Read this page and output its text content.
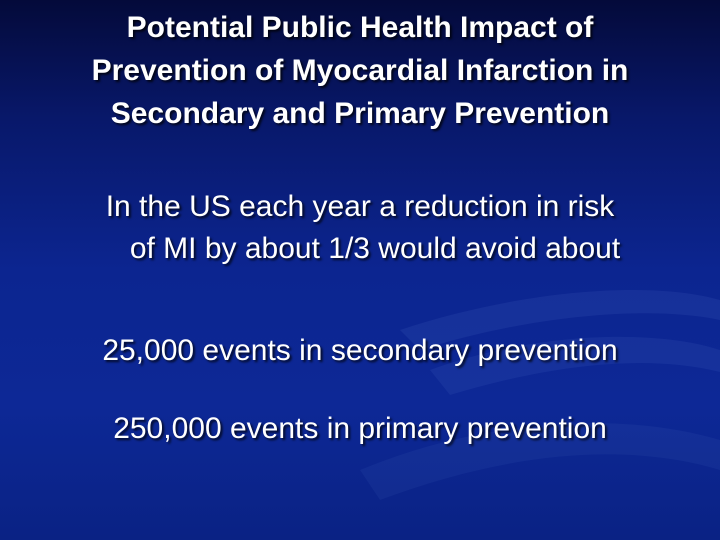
Potential Public Health Impact of
Prevention of Myocardial Infarction in
Secondary and Primary Prevention

In the US each year a reduction in risk
of MI by about 1/3 would avoid about

25,000 events in secondary prevention

250,000 events in primary prevention
